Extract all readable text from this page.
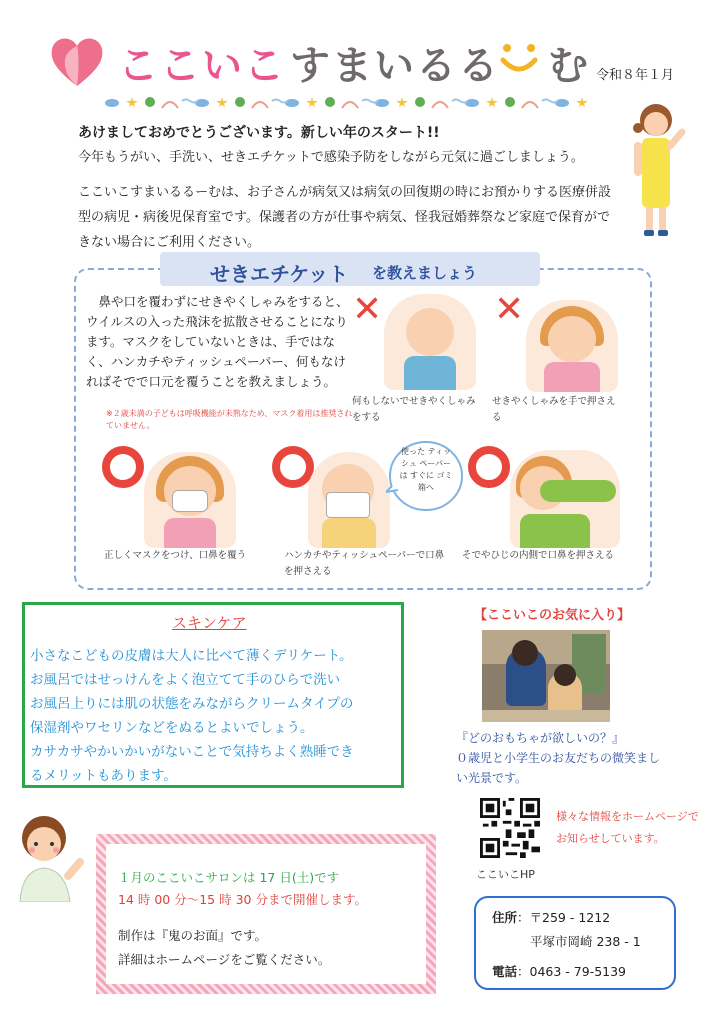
ここいこ すまいるる む 令和８年１月
あけましておめでとうございます。新しい年のスタート!!
今年もうがい、手洗い、せきエチケットで感染予防をしながら元気に過ごしましょう。
ここいこすまいるるーむは、お子さんが病気又は病気の回復期の時にお預かりする医療併設型の病児・病後児保育室です。保護者の方が仕事や病気、怪我冠婚葬祭など家庭で保育ができない場合にご利用ください。
せきエチケット を教えましょう
　鼻や口を覆わずにせきやくしゃみをすると、ウイルスの入った飛沫を拡散させることになります。マスクをしていないときは、手ではなく、ハンカチやティッシュペーパー、何もなければそでで口元を覆うことを教えましょう。
※２歳未満の子どもは呼吸機能が未熟なため、マスク着用は推奨されていません。
✕
何もしないでせきやくしゃみをする
✕
せきやくしゃみを手で押さえる
正しくマスクをつけ、口鼻を覆う
使った ティッシュ ペーパーは すぐに ゴミ箱へ
ハンカチやティッシュペーパーで口鼻を押さえる
そでやひじの内側で口鼻を押さえる
スキンケア
小さなこどもの皮膚は大人に比べて薄くデリケート。
お風呂ではせっけんをよく泡立てて手のひらで洗い
お風呂上りには肌の状態をみながらクリームタイプの
保湿剤やワセリンなどをぬるとよいでしょう。
カサカサやかいかいがないことで気持ちよく熟睡でき
るメリットもあります。
【ここいこのお気に入り】
『どのおもちゃが欲しいの？』
０歳児と小学生のお友だちの微笑ましい光景です。
様々な情報をホームページでお知らせしています。
ここいこHP
１月のここいこサロンは 17 日(土)です
14 時 00 分～15 時 30 分まで開催します。
制作は『鬼のお面』です。
詳細はホームページをご覧ください。
住所：〒259 - 1212
平塚市岡崎 238 - 1
電話：0463 - 79-5139
